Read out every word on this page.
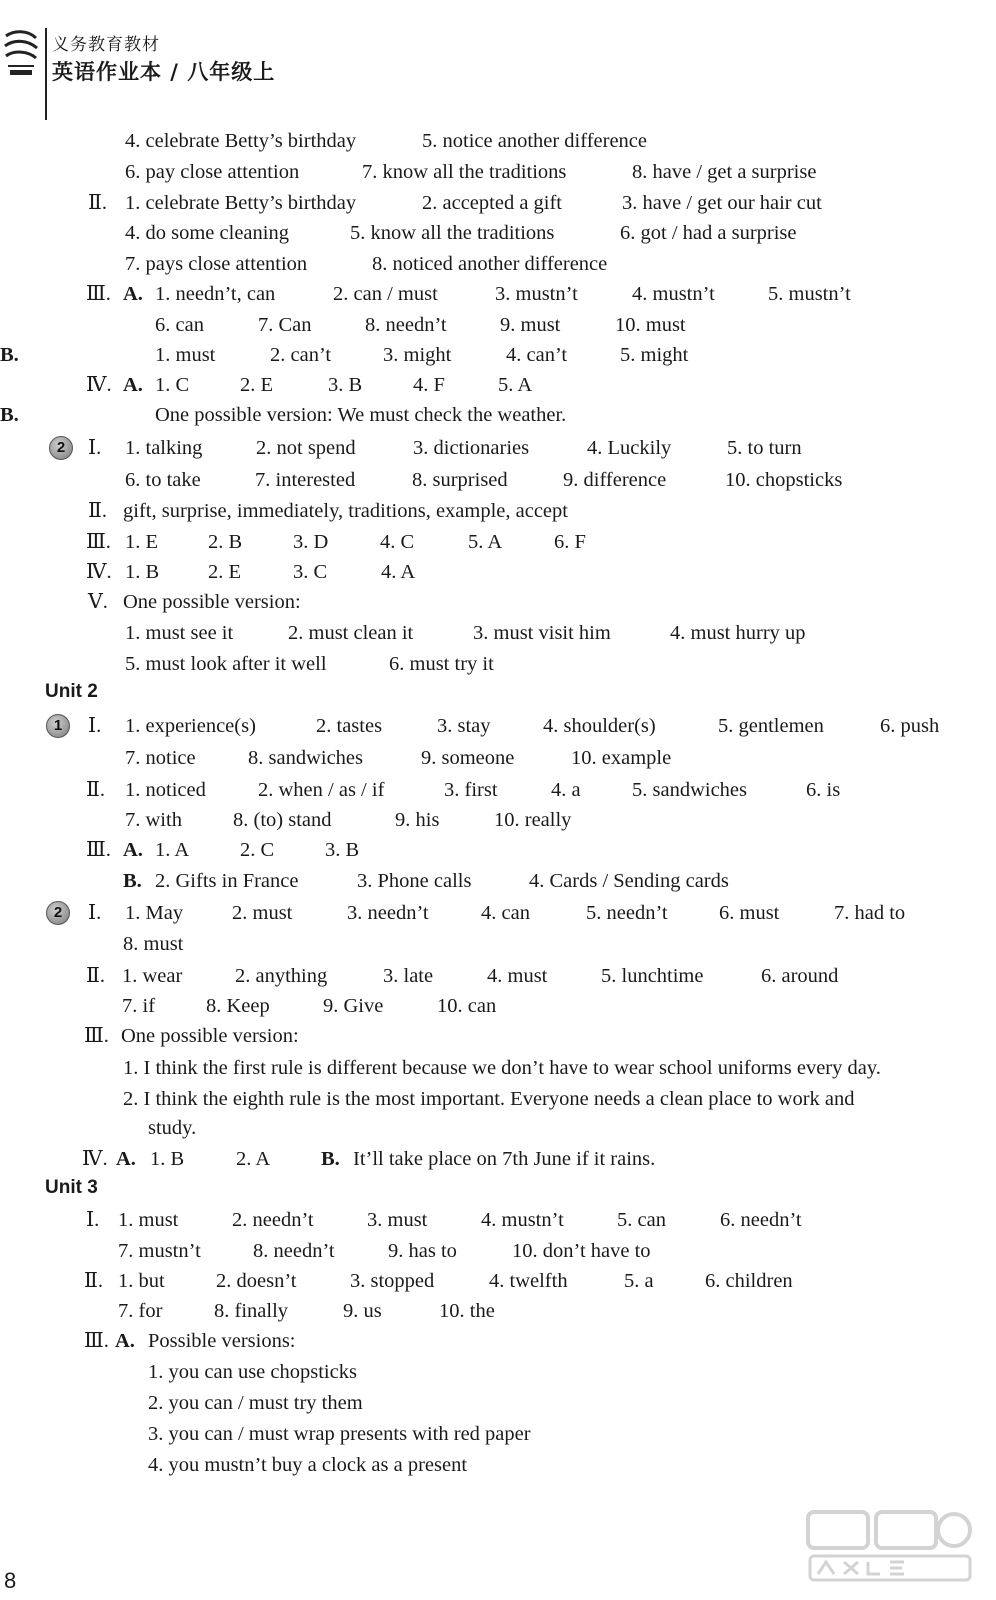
义务教育教材
英语作业本 / 八年级上
4. celebrate Betty’s birthday	5. notice another difference
6. pay close attention	7. know all the traditions	8. have / get a surprise
Ⅱ. 1. celebrate Betty’s birthday	2. accepted a gift	3. have / get our hair cut
4. do some cleaning	5. know all the traditions	6. got / had a surprise
7. pays close attention	8. noticed another difference
Ⅲ. A. 1. needn’t, can	2. can / must	3. mustn’t	4. mustn’t	5. mustn’t
6. can	7. Can	8. needn’t	9. must	10. must
B.	1. must	2. can’t	3. might	4. can’t	5. might
Ⅳ. A. 1. C 2. E	3. B 4. F	5. A
B.	One possible version: We must check the weather.
2	Ⅰ. 1. talking	2. not spend	3. dictionaries	4. Luckily	5. to turn
6. to take	7. interested	8. surprised	9. difference	10. chopsticks
Ⅱ. gift, surprise, immediately, traditions, example, accept
Ⅲ. 1. E 2. B 3. D	4. C	5. A	6. F
Ⅳ. 1. B 2. E	3. C	4. A
Ⅴ. One possible version:
1. must see it	2. must clean it	3. must visit him	4. must hurry up
5. must look after it well	6. must try it
Unit 2
1	Ⅰ. 1. experience(s)	2. tastes	3. stay	4. shoulder(s)	5. gentlemen	6. push
7. notice	8. sandwiches	9. someone	10. example
Ⅱ. 1. noticed	2. when / as / if	3. first	4. a	5. sandwiches	6. is
7. with 8. (to) stand	9. his	10. really
Ⅲ. A. 1. A 2. C 3. B
B. 2. Gifts in France	3. Phone calls	4. Cards / Sending cards
2	Ⅰ. 1. May 2. must	3. needn’t	4. can	5. needn’t	6. must	7. had to
8. must
Ⅱ. 1. wear	2. anything	3. late	4. must	5. lunchtime	6. around
7. if 8. Keep	9. Give	10. can
Ⅲ. One possible version:
1. I think the first rule is different because we don’t have to wear school uniforms every day.
2. I think the eighth rule is the most important. Everyone needs a clean place to work and
study.
Ⅳ. A. 1. B	2. A B. It’ll take place on 7th June if it rains.
Unit 3
Ⅰ. 1. must	2. needn’t	3. must	4. mustn’t	5. can	6. needn’t
7. mustn’t	8. needn’t	9. has to	10. don’t have to
Ⅱ. 1. but	2. doesn’t	3. stopped	4. twelfth	5. a	6. children
7. for	8. finally	9. us	10. the
Ⅲ. A. Possible versions:
1. you can use chopsticks
2. you can / must try them
3. you can / must wrap presents with red paper
4. you mustn’t buy a clock as a present
8
